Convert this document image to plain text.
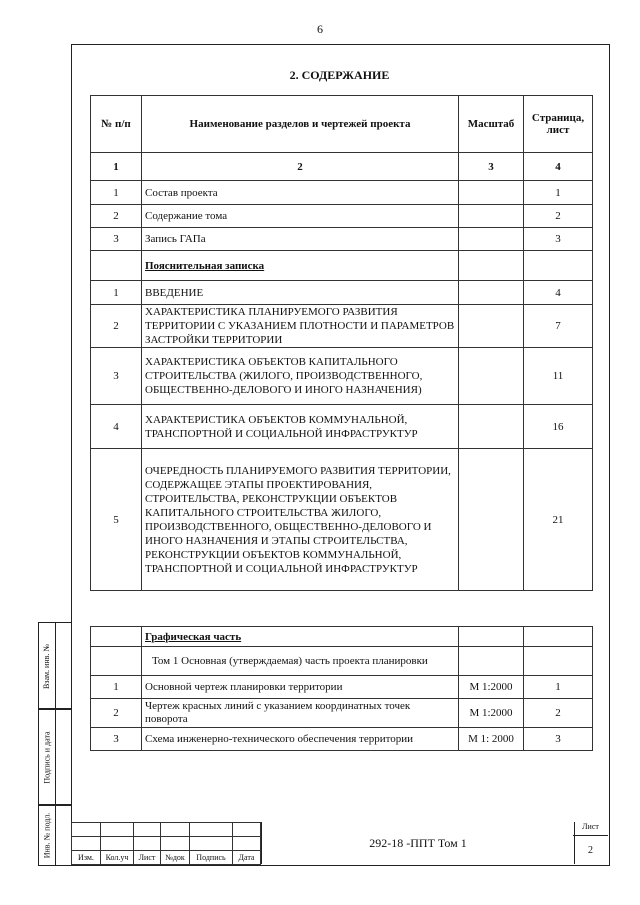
6
2. СОДЕРЖАНИЕ
№ п/п	Наименование разделов и чертежей проекта	Масштаб	Страница, лист
1	2	3	4
1	Состав проекта		1
2	Содержание тома		2
3	Запись ГАПа		3
	Пояснительная записка		
1	ВВЕДЕНИЕ		4
2	ХАРАКТЕРИСТИКА ПЛАНИРУЕМОГО РАЗВИТИЯ ТЕРРИТОРИИ С УКАЗАНИЕМ ПЛОТНОСТИ И ПАРАМЕТРОВ ЗАСТРОЙКИ ТЕРРИТОРИИ		7
3	ХАРАКТЕРИСТИКА ОБЪЕКТОВ КАПИТАЛЬНОГО СТРОИТЕЛЬСТВА (ЖИЛОГО, ПРОИЗВОДСТВЕННОГО, ОБЩЕСТВЕННО-ДЕЛОВОГО И ИНОГО НАЗНАЧЕНИЯ)		11
4	ХАРАКТЕРИСТИКА ОБЪЕКТОВ КОММУНАЛЬНОЙ, ТРАНСПОРТНОЙ И СОЦИАЛЬНОЙ ИНФРАСТРУКТУР		16
5	ОЧЕРЕДНОСТЬ ПЛАНИРУЕМОГО РАЗВИТИЯ ТЕРРИТОРИИ, СОДЕРЖАЩЕЕ ЭТАПЫ ПРОЕКТИРОВАНИЯ, СТРОИТЕЛЬСТВА, РЕКОНСТРУКЦИИ ОБЪЕКТОВ КАПИТАЛЬНОГО СТРОИТЕЛЬСТВА ЖИЛОГО, ПРОИЗВОДСТВЕННОГО, ОБЩЕСТВЕННО-ДЕЛОВОГО И ИНОГО НАЗНАЧЕНИЯ И ЭТАПЫ СТРОИТЕЛЬСТВА, РЕКОНСТРУКЦИИ ОБЪЕКТОВ КОММУНАЛЬНОЙ, ТРАНСПОРТНОЙ И СОЦИАЛЬНОЙ ИНФРАСТРУКТУР		21
	Графическая часть		
	Том 1 Основная (утверждаемая) часть проекта планировки		
1	Основной чертеж планировки территории	М 1:2000	1
2	Чертеж красных линий с указанием координатных точек поворота	М 1:2000	2
3	Схема инженерно-технического обеспечения территории	М 1: 2000	3
Взам. инв. №
Подпись и дата
Инв. № подл.

						Изм.	Кол.уч	Лист	№док	Подпись	Дата
292-18 -ППТ Том 1
Лист
2
